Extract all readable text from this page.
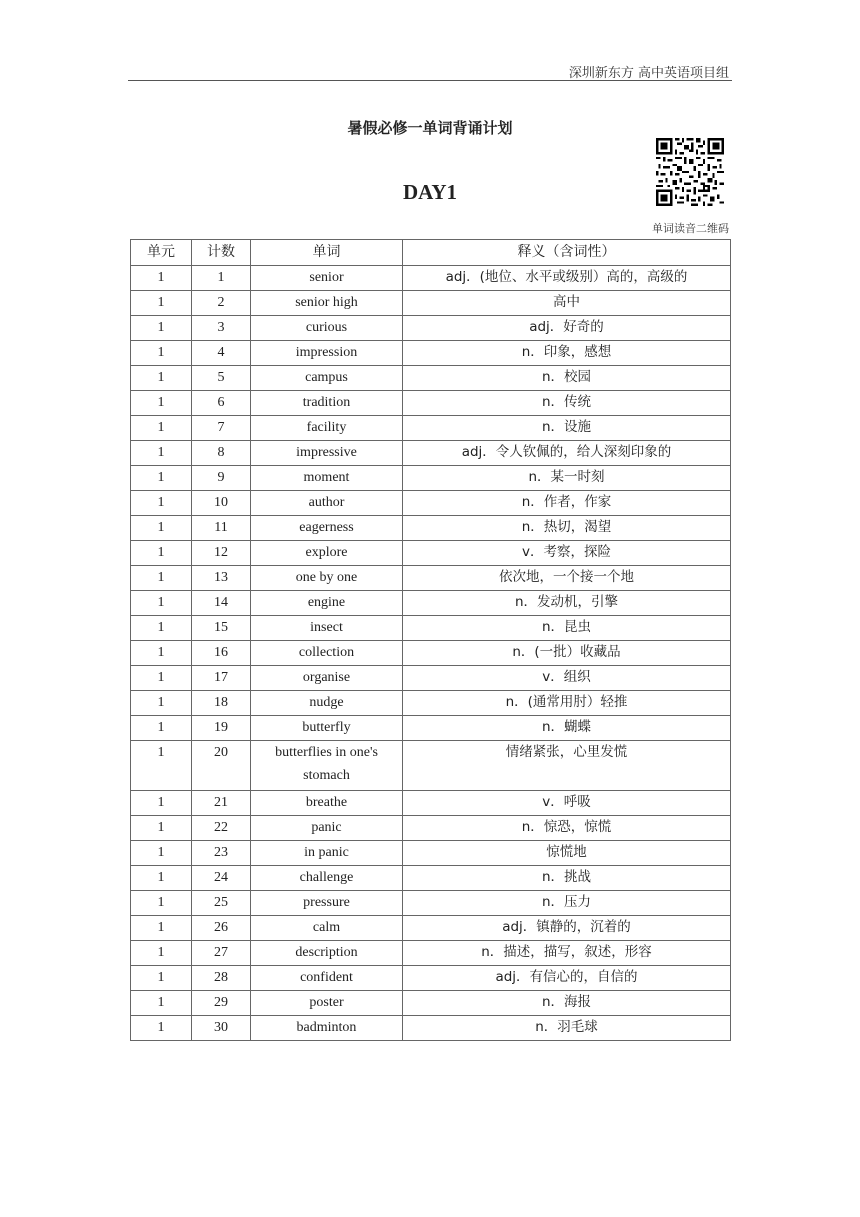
深圳新东方 高中英语项目组
暑假必修一单词背诵计划
DAY1
单词读音二维码
单元	计数	单词	释义（含词性）
1	1	senior	adj．(地位、水平或级别）高的，高级的
1	2	senior high	高中
1	3	curious	adj．好奇的
1	4	impression	n．印象，感想
1	5	campus	n．校园
1	6	tradition	n．传统
1	7	facility	n．设施
1	8	impressive	adj．令人钦佩的，给人深刻印象的
1	9	moment	n．某一时刻
1	10	author	n．作者，作家
1	11	eagerness	n．热切，渴望
1	12	explore	v．考察，探险
1	13	one by one	依次地，一个接一个地
1	14	engine	n．发动机，引擎
1	15	insect	n．昆虫
1	16	collection	n．(一批）收藏品
1	17	organise	v．组织
1	18	nudge	n．(通常用肘）轻推
1	19	butterfly	n．蝴蝶
1	20	butterflies in one's stomach	情绪紧张，心里发慌
1	21	breathe	v．呼吸
1	22	panic	n．惊恐，惊慌
1	23	in panic	惊慌地
1	24	challenge	n．挑战
1	25	pressure	n．压力
1	26	calm	adj．镇静的，沉着的
1	27	description	n．描述，描写，叙述，形容
1	28	confident	adj．有信心的，自信的
1	29	poster	n．海报
1	30	badminton	n．羽毛球
